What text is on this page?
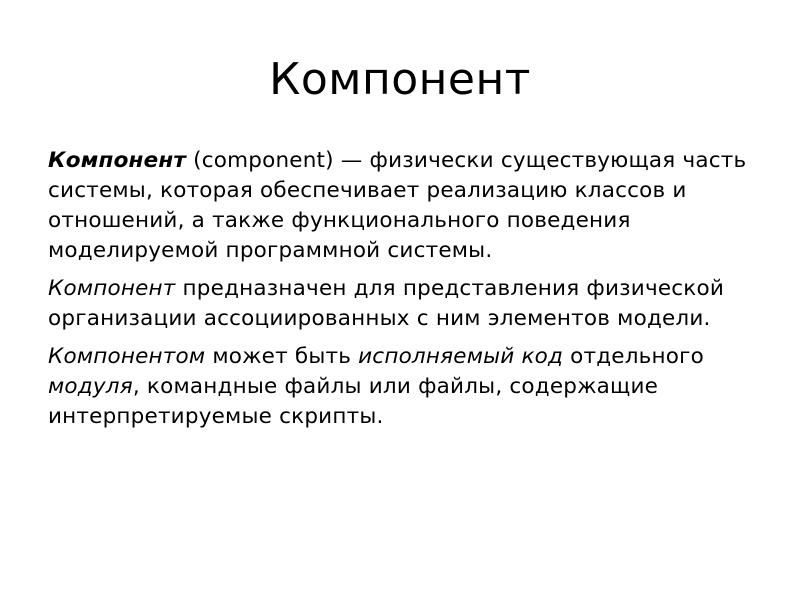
Компонент

Компонент (component) — физически существующая часть системы, которая обеспечивает реализацию классов и отношений, а также функционального поведения моделируемой программной системы.

Компонент предназначен для представления физической организации ассоциированных с ним элементов модели.

Компонентом может быть исполняемый код отдельного модуля, командные файлы или файлы, содержащие интерпретируемые скрипты.
